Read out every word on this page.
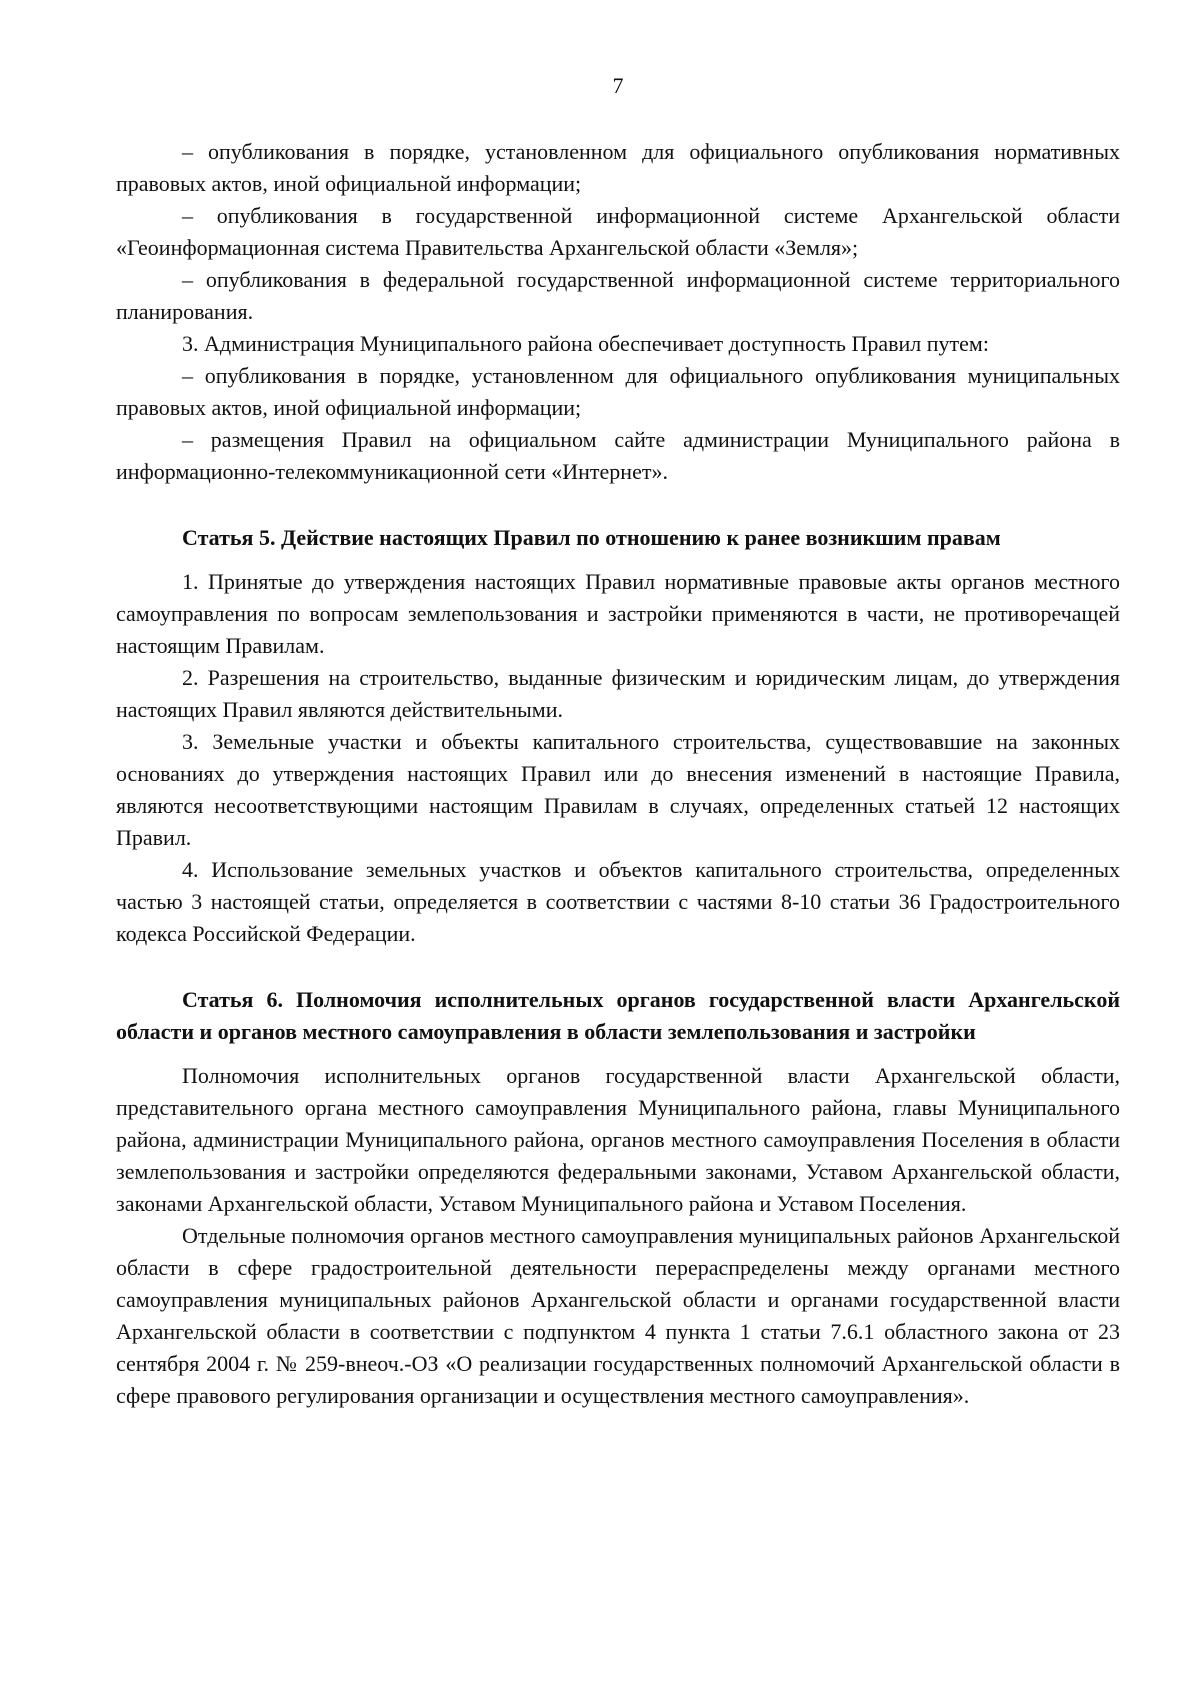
7

– опубликования в порядке, установленном для официального опубликования нормативных правовых актов, иной официальной информации;

– опубликования в государственной информационной системе Архангельской области «Геоинформационная система Правительства Архангельской области «Земля»;

– опубликования в федеральной государственной информационной системе территориального планирования.

3. Администрация Муниципального района обеспечивает доступность Правил путем:

– опубликования в порядке, установленном для официального опубликования муниципальных правовых актов, иной официальной информации;

– размещения Правил на официальном сайте администрации Муниципального района в информационно-телекоммуникационной сети «Интернет».

Статья 5. Действие настоящих Правил по отношению к ранее возникшим правам

1. Принятые до утверждения настоящих Правил нормативные правовые акты органов местного самоуправления по вопросам землепользования и застройки применяются в части, не противоречащей настоящим Правилам.

2. Разрешения на строительство, выданные физическим и юридическим лицам, до утверждения настоящих Правил являются действительными.

3. Земельные участки и объекты капитального строительства, существовавшие на законных основаниях до утверждения настоящих Правил или до внесения изменений в настоящие Правила, являются несоответствующими настоящим Правилам в случаях, определенных статьей 12 настоящих Правил.

4. Использование земельных участков и объектов капитального строительства, определенных частью 3 настоящей статьи, определяется в соответствии с частями 8-10 статьи 36 Градостроительного кодекса Российской Федерации.

Статья 6. Полномочия исполнительных органов государственной власти Архангельской области и органов местного самоуправления в области землепользования и застройки

Полномочия исполнительных органов государственной власти Архангельской области, представительного органа местного самоуправления Муниципального района, главы Муниципального района, администрации Муниципального района, органов местного самоуправления Поселения в области землепользования и застройки определяются федеральными законами, Уставом Архангельской области, законами Архангельской области, Уставом Муниципального района и Уставом Поселения.

Отдельные полномочия органов местного самоуправления муниципальных районов Архангельской области в сфере градостроительной деятельности перераспределены между органами местного самоуправления муниципальных районов Архангельской области и органами государственной власти Архангельской области в соответствии с подпунктом 4 пункта 1 статьи 7.6.1 областного закона от 23 сентября 2004 г. № 259-внеоч.-ОЗ «О реализации государственных полномочий Архангельской области в сфере правового регулирования организации и осуществления местного самоуправления».
